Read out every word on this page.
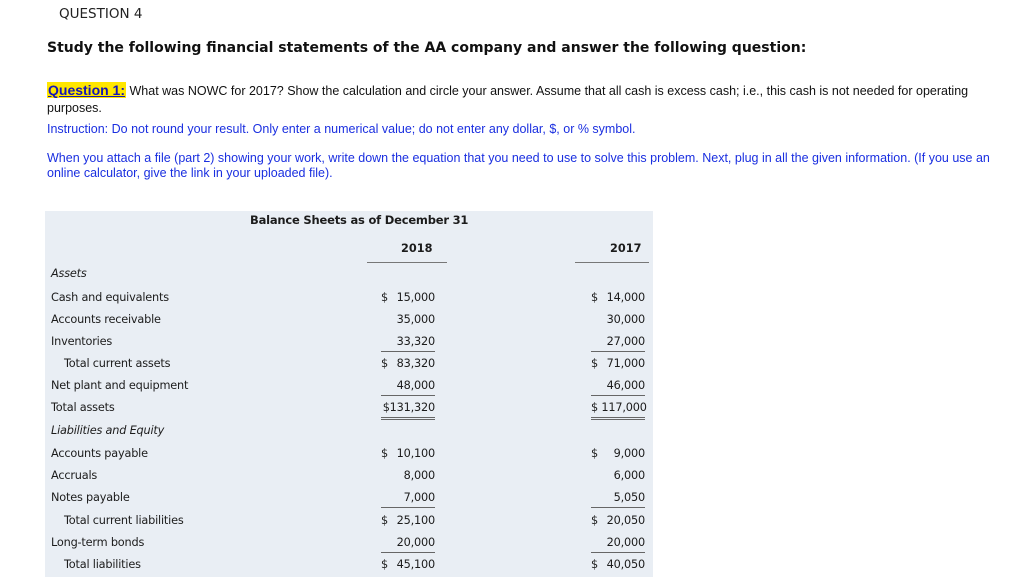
QUESTION 4
Study the following financial statements of the AA company and answer the following question:
Question 1: What was NOWC for 2017? Show the calculation and circle your answer. Assume that all cash is excess cash; i.e., this cash is not needed for operating purposes.
Instruction: Do not round your result. Only enter a numerical value; do not enter any dollar, $, or % symbol.
When you attach a file (part 2) showing your work, write down the equation that you need to use to solve this problem. Next, plug in all the given information. (If you use an online calculator, give the link in your uploaded file).
Balance Sheets as of December 31
2018	2017
Assets
Cash and equivalents	$ 15,000	$ 14,000
Accounts receivable	35,000	30,000
Inventories	33,320	27,000
Total current assets	$ 83,320	$ 71,000
Net plant and equipment	48,000	46,000
Total assets	$131,320	$ 117,000
Liabilities and Equity
Accounts payable	$ 10,100	$ 9,000
Accruals	8,000	6,000
Notes payable	7,000	5,050
Total current liabilities	$ 25,100	$ 20,050
Long-term bonds	20,000	20,000
Total liabilities	$ 45,100	$ 40,050
